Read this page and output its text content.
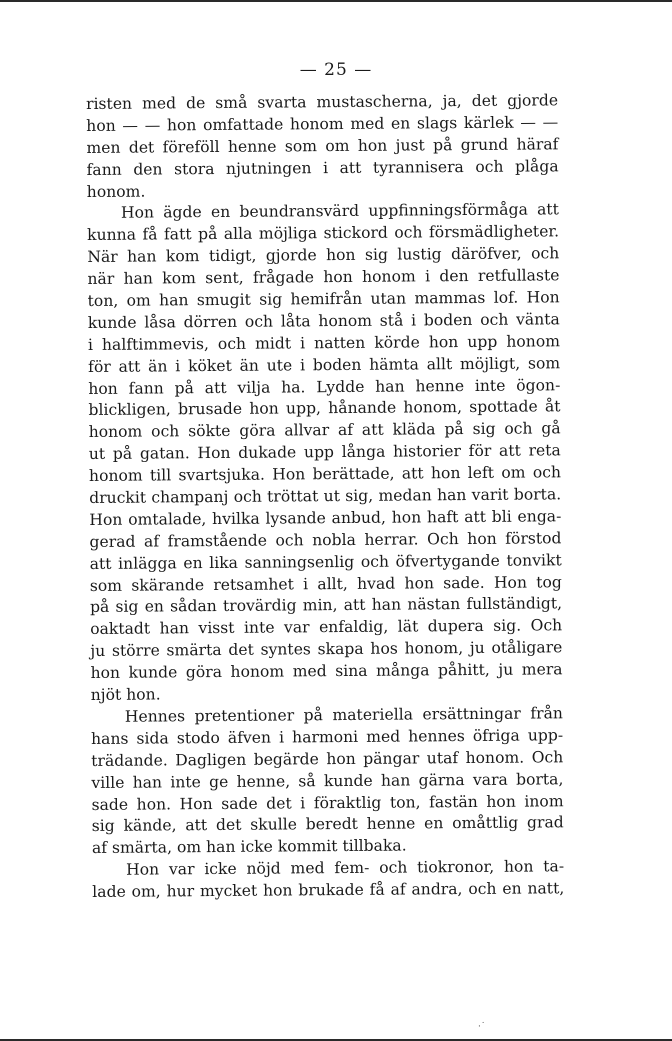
— 25 —
risten med de små svarta mustascherna, ja, det gjorde
hon — — hon omfattade honom med en slags kärlek — —
men det föreföll henne som om hon just på grund häraf
fann den stora njutningen i att tyrannisera och plåga
honom.
Hon ägde en beundransvärd uppfinningsförmåga att
kunna få fatt på alla möjliga stickord och försmädligheter.
När han kom tidigt, gjorde hon sig lustig däröfver, och
när han kom sent, frågade hon honom i den retfullaste
ton, om han smugit sig hemifrån utan mammas lof. Hon
kunde låsa dörren och låta honom stå i boden och vänta
i halftimmevis, och midt i natten körde hon upp honom
för att än i köket än ute i boden hämta allt möjligt, som
hon fann på att vilja ha. Lydde han henne inte ögon-
blickligen, brusade hon upp, hånande honom, spottade åt
honom och sökte göra allvar af att kläda på sig och gå
ut på gatan. Hon dukade upp långa historier för att reta
honom till svartsjuka. Hon berättade, att hon left om och
druckit champanj och tröttat ut sig, medan han varit borta.
Hon omtalade, hvilka lysande anbud, hon haft att bli enga-
gerad af framstående och nobla herrar. Och hon förstod
att inlägga en lika sanningsenlig och öfvertygande tonvikt
som skärande retsamhet i allt, hvad hon sade. Hon tog
på sig en sådan trovärdig min, att han nästan fullständigt,
oaktadt han visst inte var enfaldig, lät dupera sig. Och
ju större smärta det syntes skapa hos honom, ju otåligare
hon kunde göra honom med sina många påhitt, ju mera
njöt hon.
Hennes pretentioner på materiella ersättningar från
hans sida stodo äfven i harmoni med hennes öfriga upp-
trädande. Dagligen begärde hon pängar utaf honom. Och
ville han inte ge henne, så kunde han gärna vara borta,
sade hon. Hon sade det i föraktlig ton, fastän hon inom
sig kände, att det skulle beredt henne en omåttlig grad
af smärta, om han icke kommit tillbaka.
Hon var icke nöjd med fem- och tiokronor, hon ta-
lade om, hur mycket hon brukade få af andra, och en natt,
·˙
